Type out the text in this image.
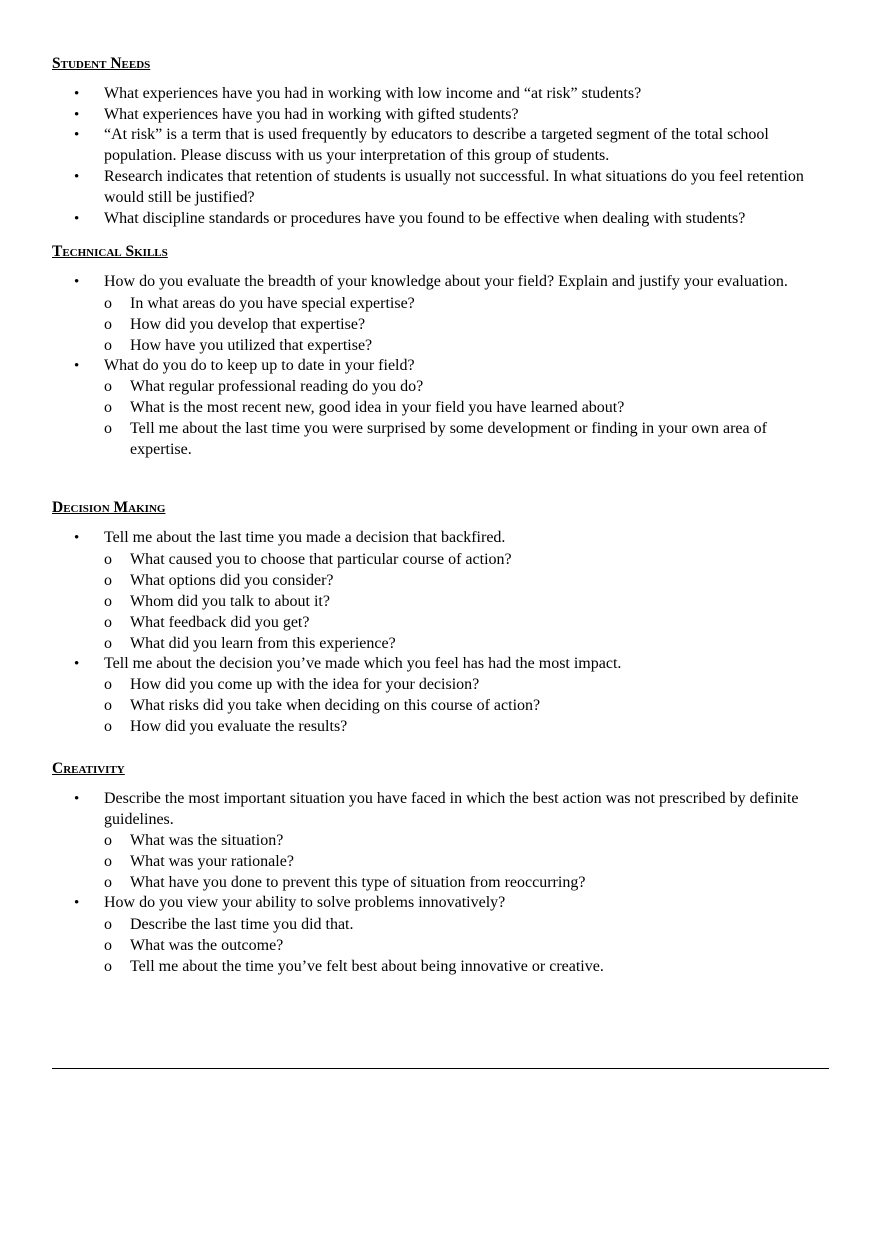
Student Needs
• What experiences have you had in working with low income and “at risk” students?
• What experiences have you had in working with gifted students?
• “At risk” is a term that is used frequently by educators to describe a targeted segment of the total school population. Please discuss with us your interpretation of this group of students.
• Research indicates that retention of students is usually not successful. In what situations do you feel retention would still be justified?
• What discipline standards or procedures have you found to be effective when dealing with students?
Technical Skills
• How do you evaluate the breadth of your knowledge about your field? Explain and justify your evaluation.
o In what areas do you have special expertise?
o How did you develop that expertise?
o How have you utilized that expertise?
• What do you do to keep up to date in your field?
o What regular professional reading do you do?
o What is the most recent new, good idea in your field you have learned about?
o Tell me about the last time you were surprised by some development or finding in your own area of expertise.
Decision Making
• Tell me about the last time you made a decision that backfired.
o What caused you to choose that particular course of action?
o What options did you consider?
o Whom did you talk to about it?
o What feedback did you get?
o What did you learn from this experience?
• Tell me about the decision you’ve made which you feel has had the most impact.
o How did you come up with the idea for your decision?
o What risks did you take when deciding on this course of action?
o How did you evaluate the results?
Creativity
• Describe the most important situation you have faced in which the best action was not prescribed by definite guidelines.
o What was the situation?
o What was your rationale?
o What have you done to prevent this type of situation from reoccurring?
• How do you view your ability to solve problems innovatively?
o Describe the last time you did that.
o What was the outcome?
o Tell me about the time you’ve felt best about being innovative or creative.
